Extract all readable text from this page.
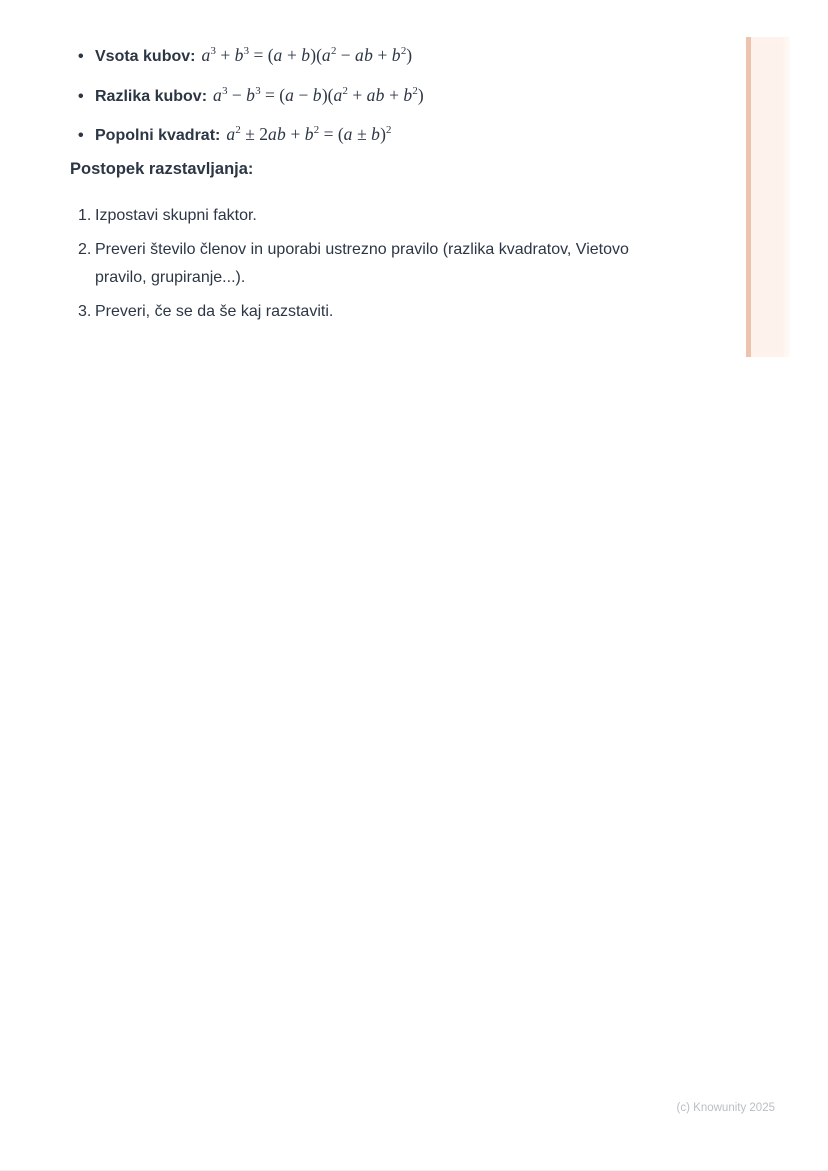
• Vsota kubov: $a^3 + b^3 = (a + b)(a^2$ − ab + $b^2$)
• Razlika kubov: $a^3 - b^3 = (a - b)(a^2$ + ab + $b^2$)
• Popolni kvadrat: $a^2 \pm 2ab + b^2 = (a \pm b)^2$
Postopek razstavljanja:
1. Izpostavi skupni faktor.
2. Preveri število členov in uporabi ustrezno pravilo (razlika kvadratov, Vietovo pravilo, grupiranje...).
3. Preveri, če se da še kaj razstaviti.
(c) Knowunity 2025
